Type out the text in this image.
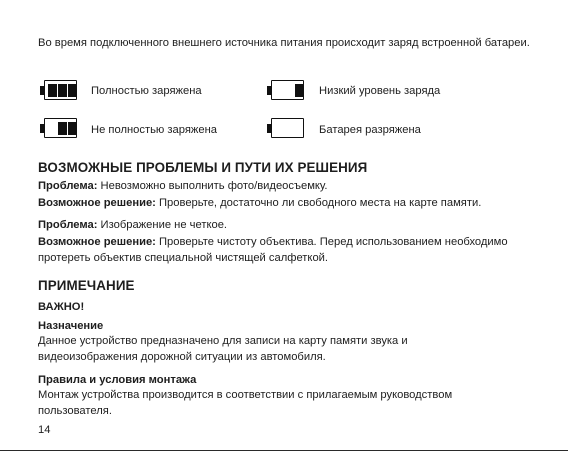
Во время подключенного внешнего источника питания происходит заряд встроенной батареи.

Полностью заряжена	Низкий уровень заряда
Не полностью заряжена	Батарея разряжена
ВОЗМОЖНЫЕ ПРОБЛЕМЫ И ПУТИ ИХ РЕШЕНИЯ

Проблема: Невозможно выполнить фото/видеосъемку.

Возможное решение: Проверьте, достаточно ли свободного места на карте памяти.

Проблема: Изображение не четкое.

Возможное решение: Проверьте чистоту объектива. Перед использованием необходимо протереть объектив специальной чистящей салфеткой.

ПРИМЕЧАНИЕ

ВАЖНО!

Назначение

Данное устройство предназначено для записи на карту памяти звука и видеоизображения дорожной ситуации из автомобиля.

Правила и условия монтажа

Монтаж устройства производится в соответствии с прилагаемым руководством пользователя.

14
